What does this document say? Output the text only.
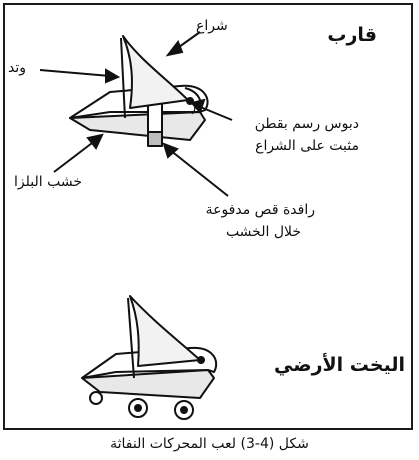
قارب
شراع
وتد
خشب البلزا
دبوس رسم بقطن
مثبت على الشراع
رافدة قص مدفوعة
خلال الخشب
اليخت الأرضي
شكل (4-3) لعب المحركات النفاثة
